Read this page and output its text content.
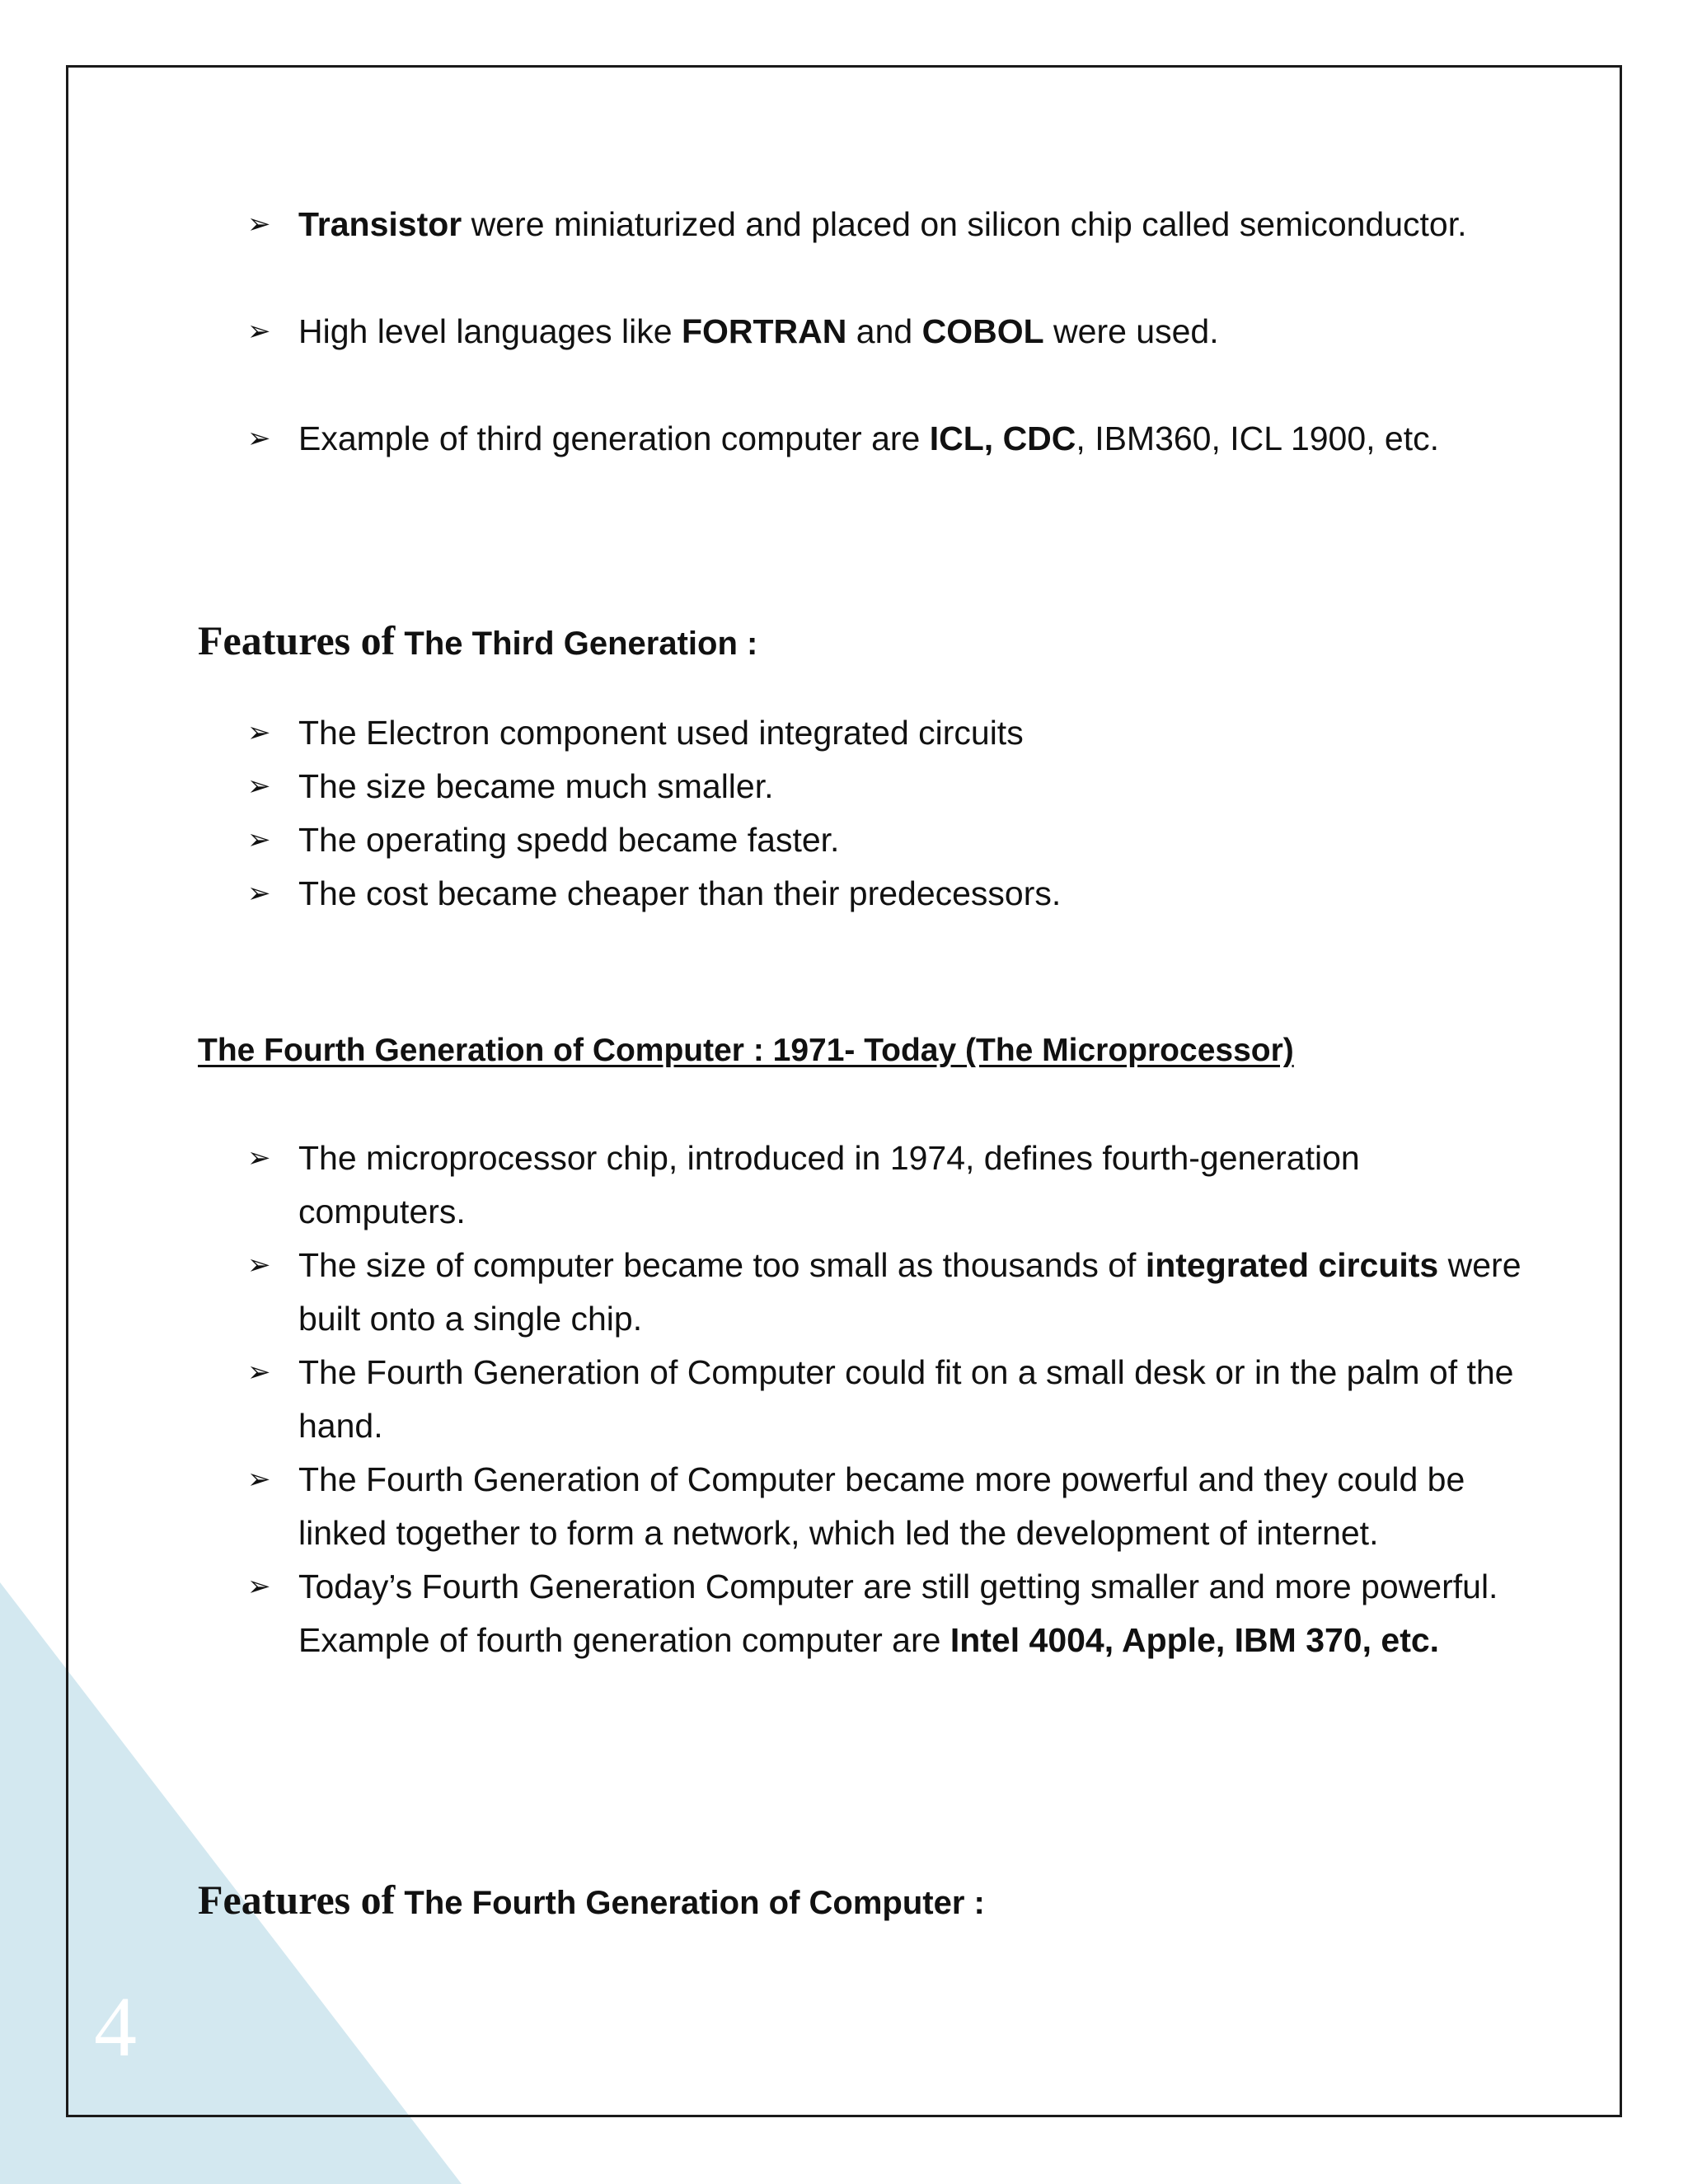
4
➢ Transistor were miniaturized and placed on silicon chip called semiconductor.
➢ High level languages like FORTRAN and COBOL were used.
➢ Example of third generation computer are ICL, CDC, IBM360, ICL 1900, etc.
Features of The Third Generation :
➢ The Electron component used integrated circuits
➢ The size became much smaller.
➢ The operating spedd became faster.
➢ The cost became cheaper than their predecessors.
The Fourth Generation of Computer : 1971- Today (The Microprocessor)
➢ The microprocessor chip, introduced in 1974, defines fourth-generation computers.
➢ The size of computer became too small as thousands of integrated circuits were built onto a single chip.
➢ The Fourth Generation of Computer could fit on a small desk or in the palm of the hand.
➢ The Fourth Generation of Computer became more powerful and they could be linked together to form a network, which led the development of internet.
➢ Today’s Fourth Generation Computer are still getting smaller and more powerful. Example of fourth generation computer are Intel 4004, Apple, IBM 370, etc.
Features of The Fourth Generation of Computer :
